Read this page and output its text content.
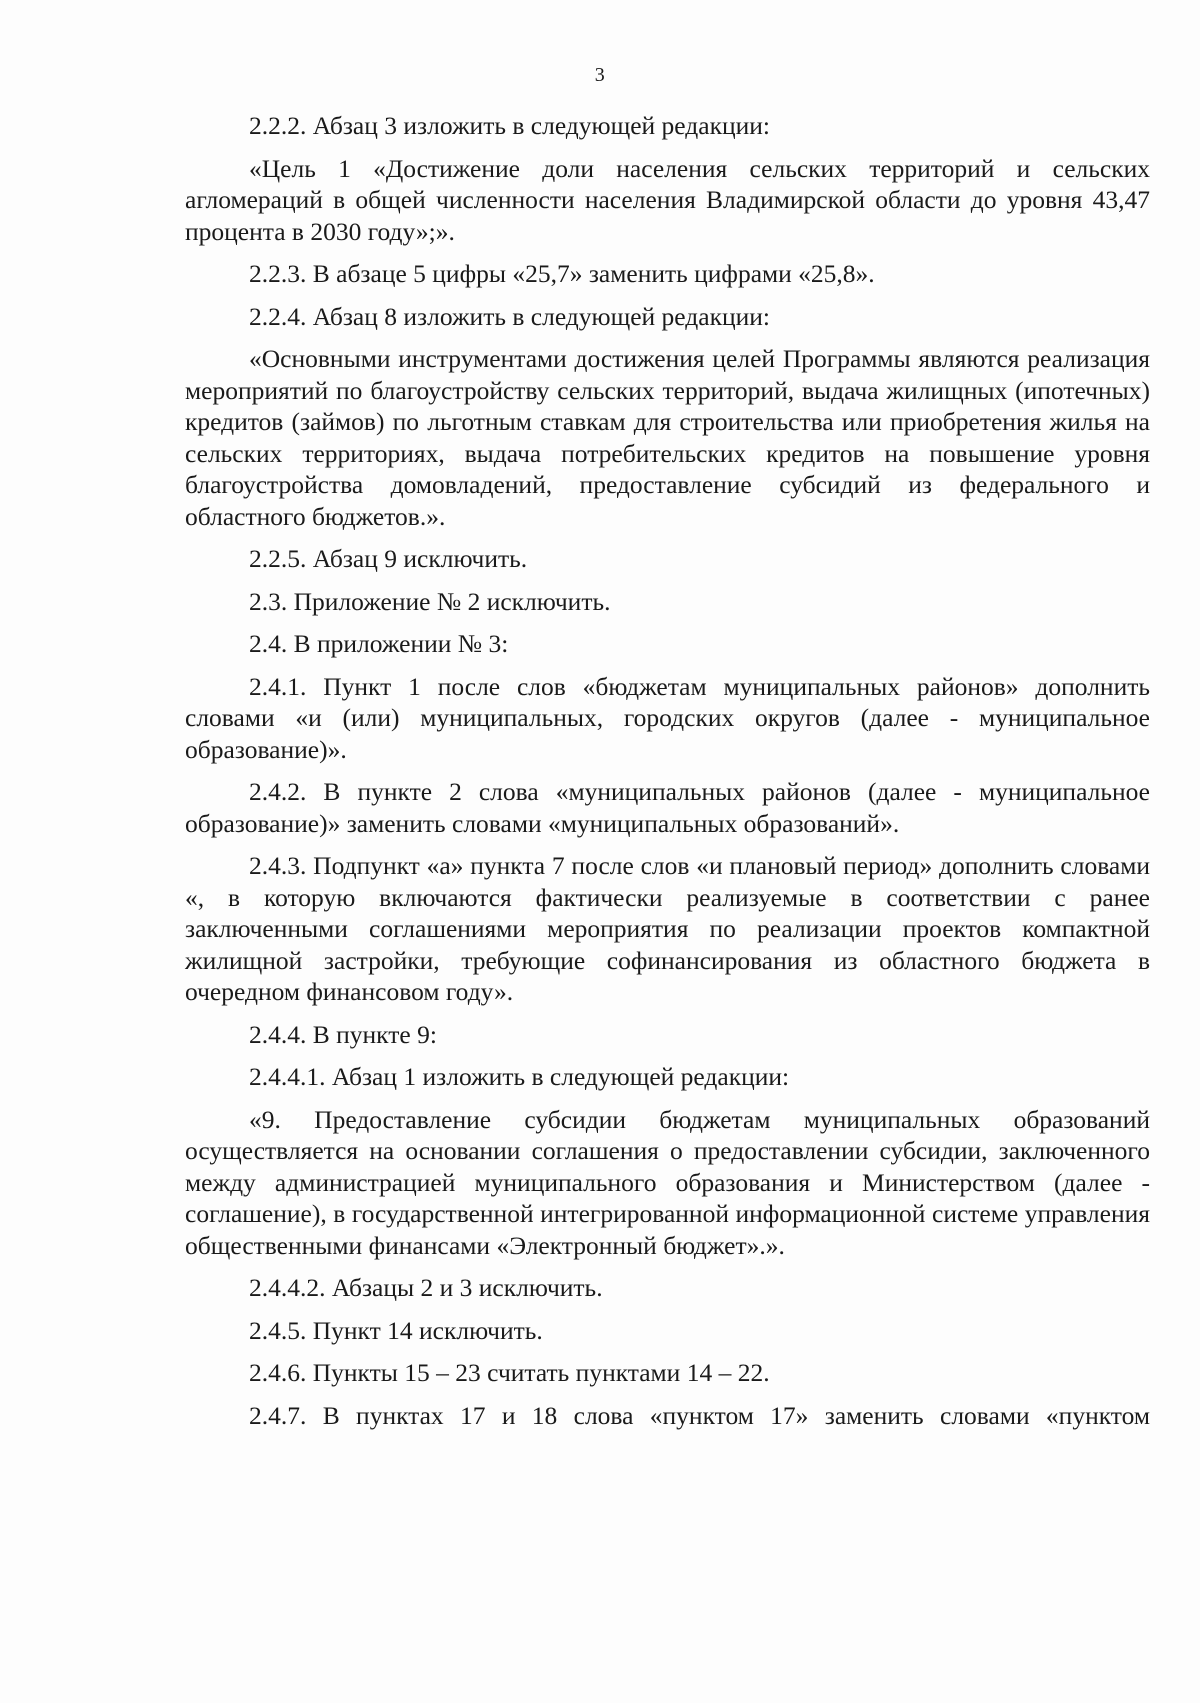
3

2.2.2. Абзац 3 изложить в следующей редакции:

«Цель 1 «Достижение доли населения сельских территорий и сельских агломераций в общей численности населения Владимирской области до уровня 43,47 процента в 2030 году»;».

2.2.3. В абзаце 5 цифры «25,7» заменить цифрами «25,8».

2.2.4. Абзац 8 изложить в следующей редакции:

«Основными инструментами достижения целей Программы являются реализация мероприятий по благоустройству сельских территорий, выдача жилищных (ипотечных) кредитов (займов) по льготным ставкам для строительства или приобретения жилья на сельских территориях, выдача потребительских кредитов на повышение уровня благоустройства домовладений, предоставление субсидий из федерального и областного бюджетов.».

2.2.5. Абзац 9 исключить.

2.3. Приложение № 2 исключить.

2.4. В приложении № 3:

2.4.1. Пункт 1 после слов «бюджетам муниципальных районов» дополнить словами «и (или) муниципальных, городских округов (далее - муниципальное образование)».

2.4.2. В пункте 2 слова «муниципальных районов (далее - муниципальное образование)» заменить словами «муниципальных образований».

2.4.3. Подпункт «а» пункта 7 после слов «и плановый период» дополнить словами «, в которую включаются фактически реализуемые в соответствии с ранее заключенными соглашениями мероприятия по реализации проектов компактной жилищной застройки, требующие софинансирования из областного бюджета в очередном финансовом году».

2.4.4. В пункте 9:

2.4.4.1. Абзац 1 изложить в следующей редакции:

«9. Предоставление субсидии бюджетам муниципальных образований осуществляется на основании соглашения о предоставлении субсидии, заключенного между администрацией муниципального образования и Министерством (далее - соглашение), в государственной интегрированной информационной системе управления общественными финансами «Электронный бюджет».».

2.4.4.2. Абзацы 2 и 3 исключить.

2.4.5. Пункт 14 исключить.

2.4.6. Пункты 15 – 23 считать пунктами 14 – 22.

2.4.7. В пунктах 17 и 18 слова «пунктом 17» заменить словами «пунктом
